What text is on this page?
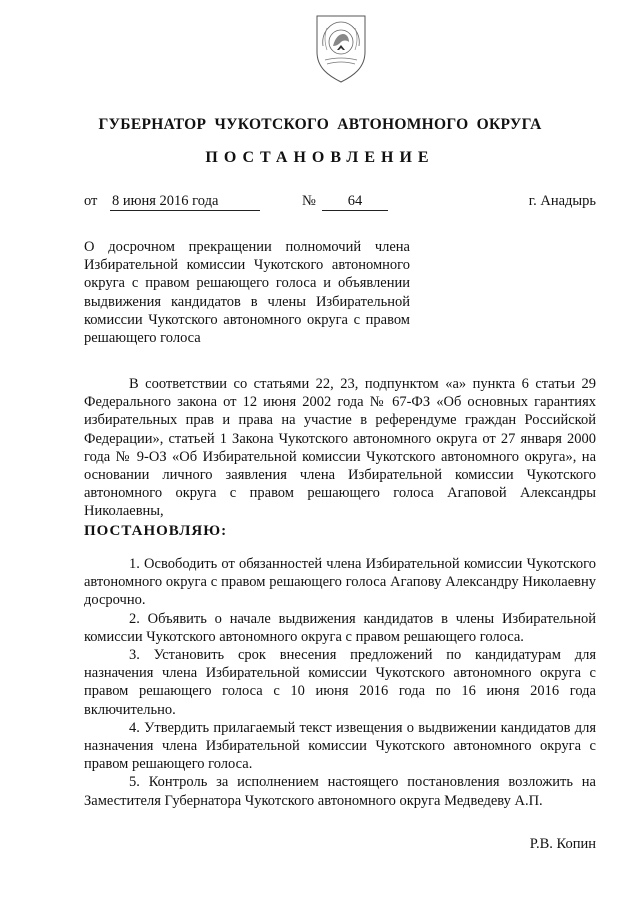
ГУБЕРНАТОР ЧУКОТСКОГО АВТОНОМНОГО ОКРУГА
ПОСТАНОВЛЕНИЕ
от 8 июня 2016 года	№	64	г. Анадырь
О досрочном прекращении полномочий члена Избирательной комиссии Чукотского автономного округа с правом решающего голоса и объявлении выдвижения кандидатов в члены Избирательной комиссии Чукотского автономного округа с правом решающего голоса
В соответствии со статьями 22, 23, подпунктом «а» пункта 6 статьи 29 Федерального закона от 12 июня 2002 года № 67-ФЗ «Об основных гарантиях избирательных прав и права на участие в референдуме граждан Российской Федерации», статьей 1 Закона Чукотского автономного округа от 27 января 2000 года № 9-ОЗ «Об Избирательной комиссии Чукотского автономного округа», на основании личного заявления члена Избирательной комиссии Чукотского автономного округа с правом решающего голоса Агаповой Александры Николаевны,
ПОСТАНОВЛЯЮ:

1. Освободить от обязанностей члена Избирательной комиссии Чукотского автономного округа с правом решающего голоса Агапову Александру Николаевну досрочно.

2. Объявить о начале выдвижения кандидатов в члены Избирательной комиссии Чукотского автономного округа с правом решающего голоса.

3. Установить срок внесения предложений по кандидатурам для назначения члена Избирательной комиссии Чукотского автономного округа с правом решающего голоса с 10 июня 2016 года по 16 июня 2016 года включительно.

4. Утвердить прилагаемый текст извещения о выдвижении кандидатов для назначения члена Избирательной комиссии Чукотского автономного округа с правом решающего голоса.

5. Контроль за исполнением настоящего постановления возложить на Заместителя Губернатора Чукотского автономного округа Медведеву А.П.

Р.В. Копин
